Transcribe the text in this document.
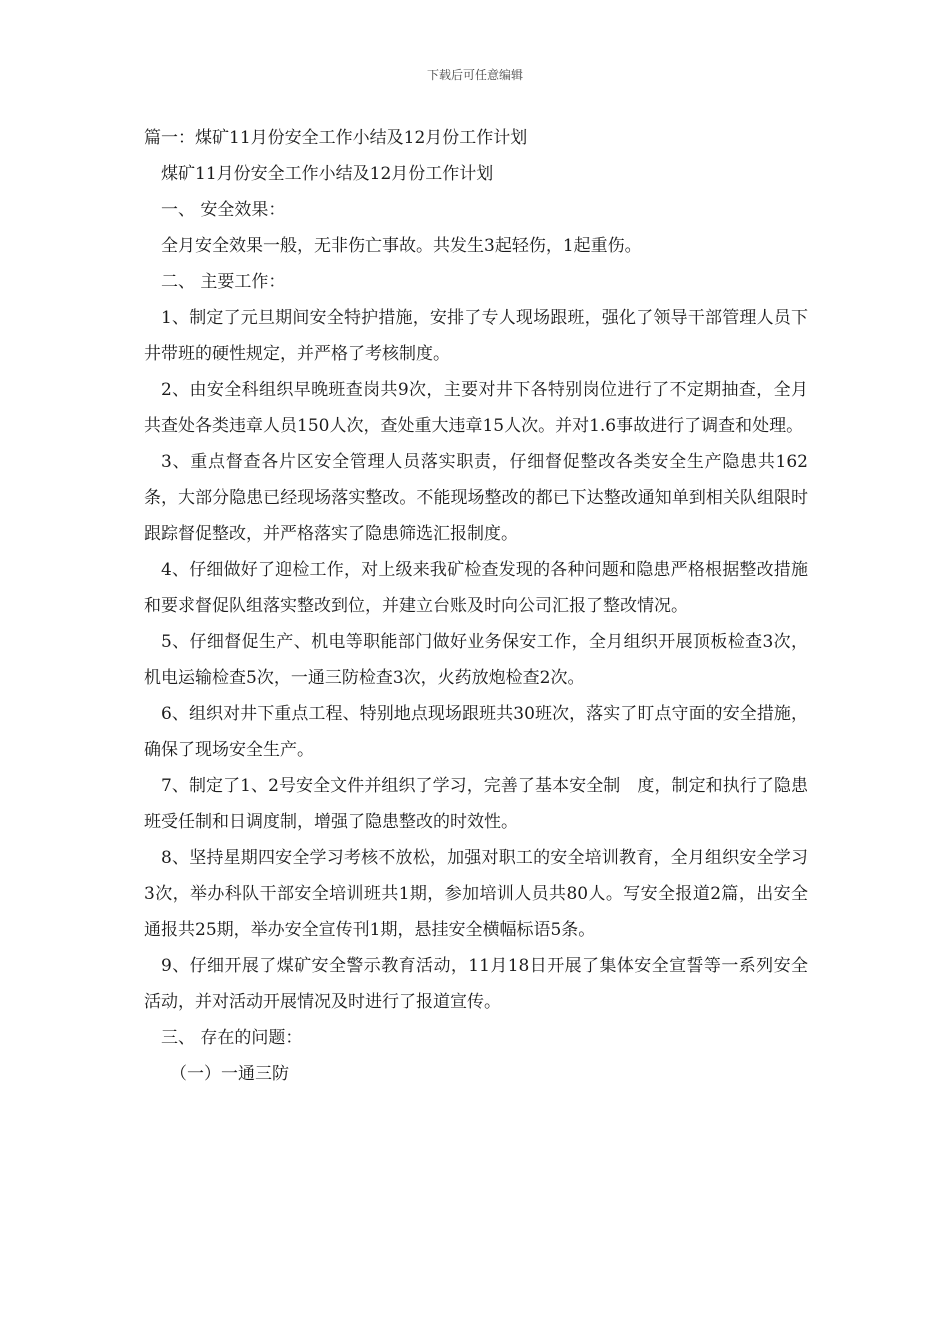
下载后可任意编辑

篇一：煤矿11月份安全工作小结及12月份工作计划

煤矿11月份安全工作小结及12月份工作计划

一、 安全效果：

全月安全效果一般，无非伤亡事故。共发生3起轻伤，1起重伤。

二、 主要工作：

1、制定了元旦期间安全特护措施，安排了专人现场跟班，强化了领导干部管理人员下井带班的硬性规定，并严格了考核制度。

2、由安全科组织早晚班查岗共9次，主要对井下各特别岗位进行了不定期抽查，全月共查处各类违章人员150人次，查处重大违章15人次。并对1.6事故进行了调查和处理。

3、重点督查各片区安全管理人员落实职责，仔细督促整改各类安全生产隐患共162条，大部分隐患已经现场落实整改。不能现场整改的都已下达整改通知单到相关队组限时跟踪督促整改，并严格落实了隐患筛选汇报制度。

4、仔细做好了迎检工作，对上级来我矿检查发现的各种问题和隐患严格根据整改措施和要求督促队组落实整改到位，并建立台账及时向公司汇报了整改情况。

5、仔细督促生产、机电等职能部门做好业务保安工作，全月组织开展顶板检查3次，机电运输检查5次，一通三防检查3次，火药放炮检查2次。

6、组织对井下重点工程、特别地点现场跟班共30班次，落实了盯点守面的安全措施，确保了现场安全生产。

7、制定了1、2号安全文件并组织了学习，完善了基本安全制　度，制定和执行了隐患班受任制和日调度制，增强了隐患整改的时效性。

8、坚持星期四安全学习考核不放松，加强对职工的安全培训教育，全月组织安全学习3次，举办科队干部安全培训班共1期，参加培训人员共80人。写安全报道2篇，出安全通报共25期，举办安全宣传刊1期，悬挂安全横幅标语5条。

9、仔细开展了煤矿安全警示教育活动，11月18日开展了集体安全宣誓等一系列安全活动，并对活动开展情况及时进行了报道宣传。

三、 存在的问题：

（一）一通三防
